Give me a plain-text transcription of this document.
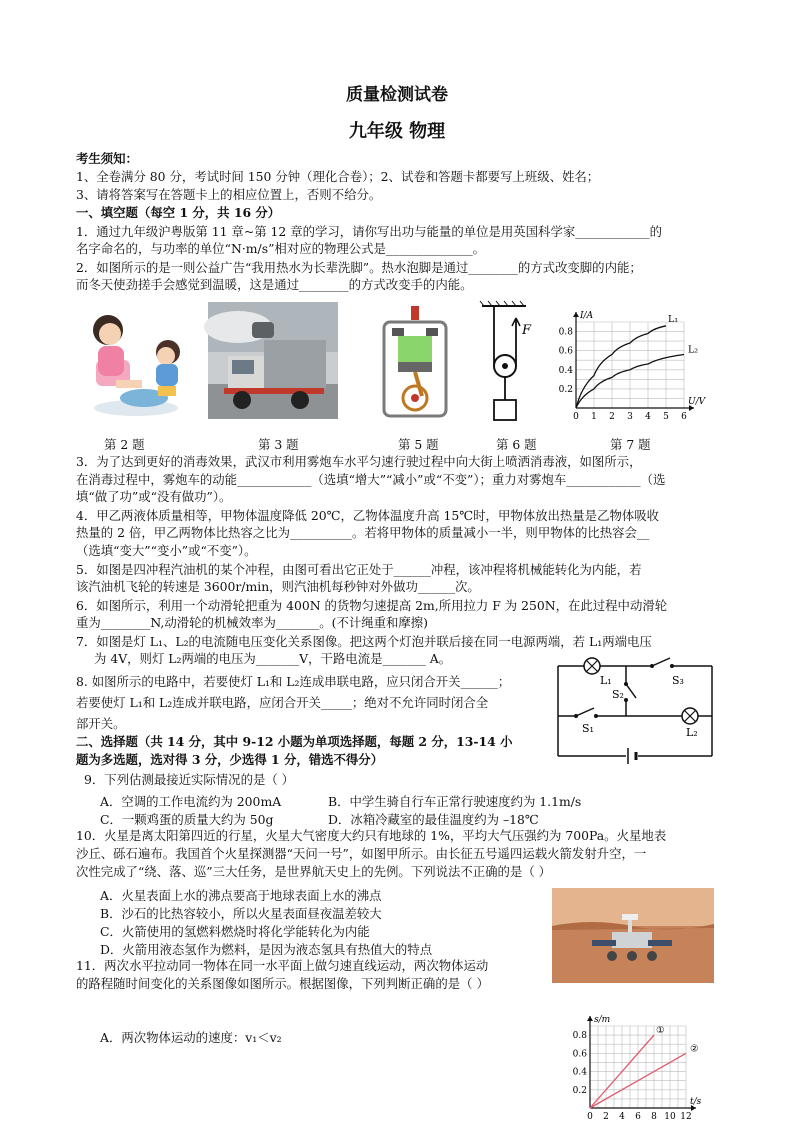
质量检测试卷
九年级 物理
考生须知：
1、全卷满分 80 分，考试时间 150 分钟（理化合卷）；2、试卷和答题卡都要写上班级、姓名；
3、请将答案写在答题卡上的相应位置上，否则不给分。
一、填空题（每空 1 分，共 16 分）
1．通过九年级沪粤版第 11 章~第 12 章的学习，请你写出功与能量的单位是用英国科学家____________的
名字命名的，与功率的单位“N·m/s”相对应的物理公式是______________。
2．如图所示的是一则公益广告“我用热水为长辈洗脚”。热水泡脚是通过________的方式改变脚的内能；
而冬天使劲搓手会感觉到温暖，这是通过________的方式改变手的内能。
F
0 1 2 3 4 5 6
0.2
0.4
0.6
0.8
U/V
I/A	L₁
L₂
第 2 题	第 3 题	第 5 题	第 6 题	第 7 题
3．为了达到更好的消毒效果，武汉市利用雾炮车水平匀速行驶过程中向大街上喷洒消毒液，如图所示，
在消毒过程中，雾炮车的动能____________（选填“增大”“减小”或“不变”）；重力对雾炮车____________（选
填“做了功”或“没有做功”）。
4．甲乙两液体质量相等，甲物体温度降低 20℃，乙物体温度升高 15℃时，甲物体放出热量是乙物体吸收
热量的 2 倍，甲乙两物体比热容之比为__________。若将甲物体的质量减小一半，则甲物体的比热容会__
（选填“变大”“变小”或“不变”）。
5．如图是四冲程汽油机的某个冲程，由图可看出它正处于______冲程，该冲程将机械能转化为内能，若
该汽油机飞轮的转速是 3600r/min，则汽油机每秒钟对外做功______次。
6．如图所示，利用一个动滑轮把重为 400N 的货物匀速提高 2m,所用拉力 F 为 250N，在此过程中动滑轮
重为________N,动滑轮的机械效率为_______。(不计绳重和摩擦)
7．如图是灯 L₁、L₂的电流随电压变化关系图像。把这两个灯泡并联后接在同一电源两端，若 L₁两端电压
为 4V，则灯 L₂两端的电压为_______V，干路电流是_______ A。
8. 如图所示的电路中，若要使灯 L₁和 L₂连成串联电路，应只闭合开关______；
若要使灯 L₁和 L₂连成并联电路，应闭合开关_____；绝对不允许同时闭合全
部开关。
L₁	S₃
S₂
S₁	L₂
二、选择题（共 14 分，其中 9-12 小题为单项选择题，每题 2 分，13-14 小
题为多选题，选对得 3 分，少选得 1 分，错选不得分）
9．下列估测最接近实际情况的是（ ）
A．空调的工作电流约为 200mA	B．中学生骑自行车正常行驶速度约为 1.1m/s
C．一颗鸡蛋的质量大约为 50g	D．冰箱冷藏室的最佳温度约为 –18℃
10．火星是离太阳第四近的行星，火星大气密度大约只有地球的 1%，平均大气压强约为 700Pa。火星地表
沙丘、砾石遍布。我国首个火星探测器“天问一号”，如图甲所示。由长征五号遥四运载火箭发射升空，一
次性完成了“绕、落、巡”三大任务，是世界航天史上的先例。下列说法不正确的是（ ）
A．火星表面上水的沸点要高于地球表面上水的沸点
B．沙石的比热容较小，所以火星表面昼夜温差较大
C．火箭使用的氢燃料燃烧时将化学能转化为内能
D．火箭用液态氢作为燃料，是因为液态氢具有热值大的特点
11．两次水平拉动同一物体在同一水平面上做匀速直线运动，两次物体运动
的路程随时间变化的关系图像如图所示。根据图像，下列判断正确的是（ ）
A．两次物体运动的速度：v₁＜v₂
0 2 4 6 8 10 12
0.2
0.4
0.6
0.8
t/s
s/m
①
②
